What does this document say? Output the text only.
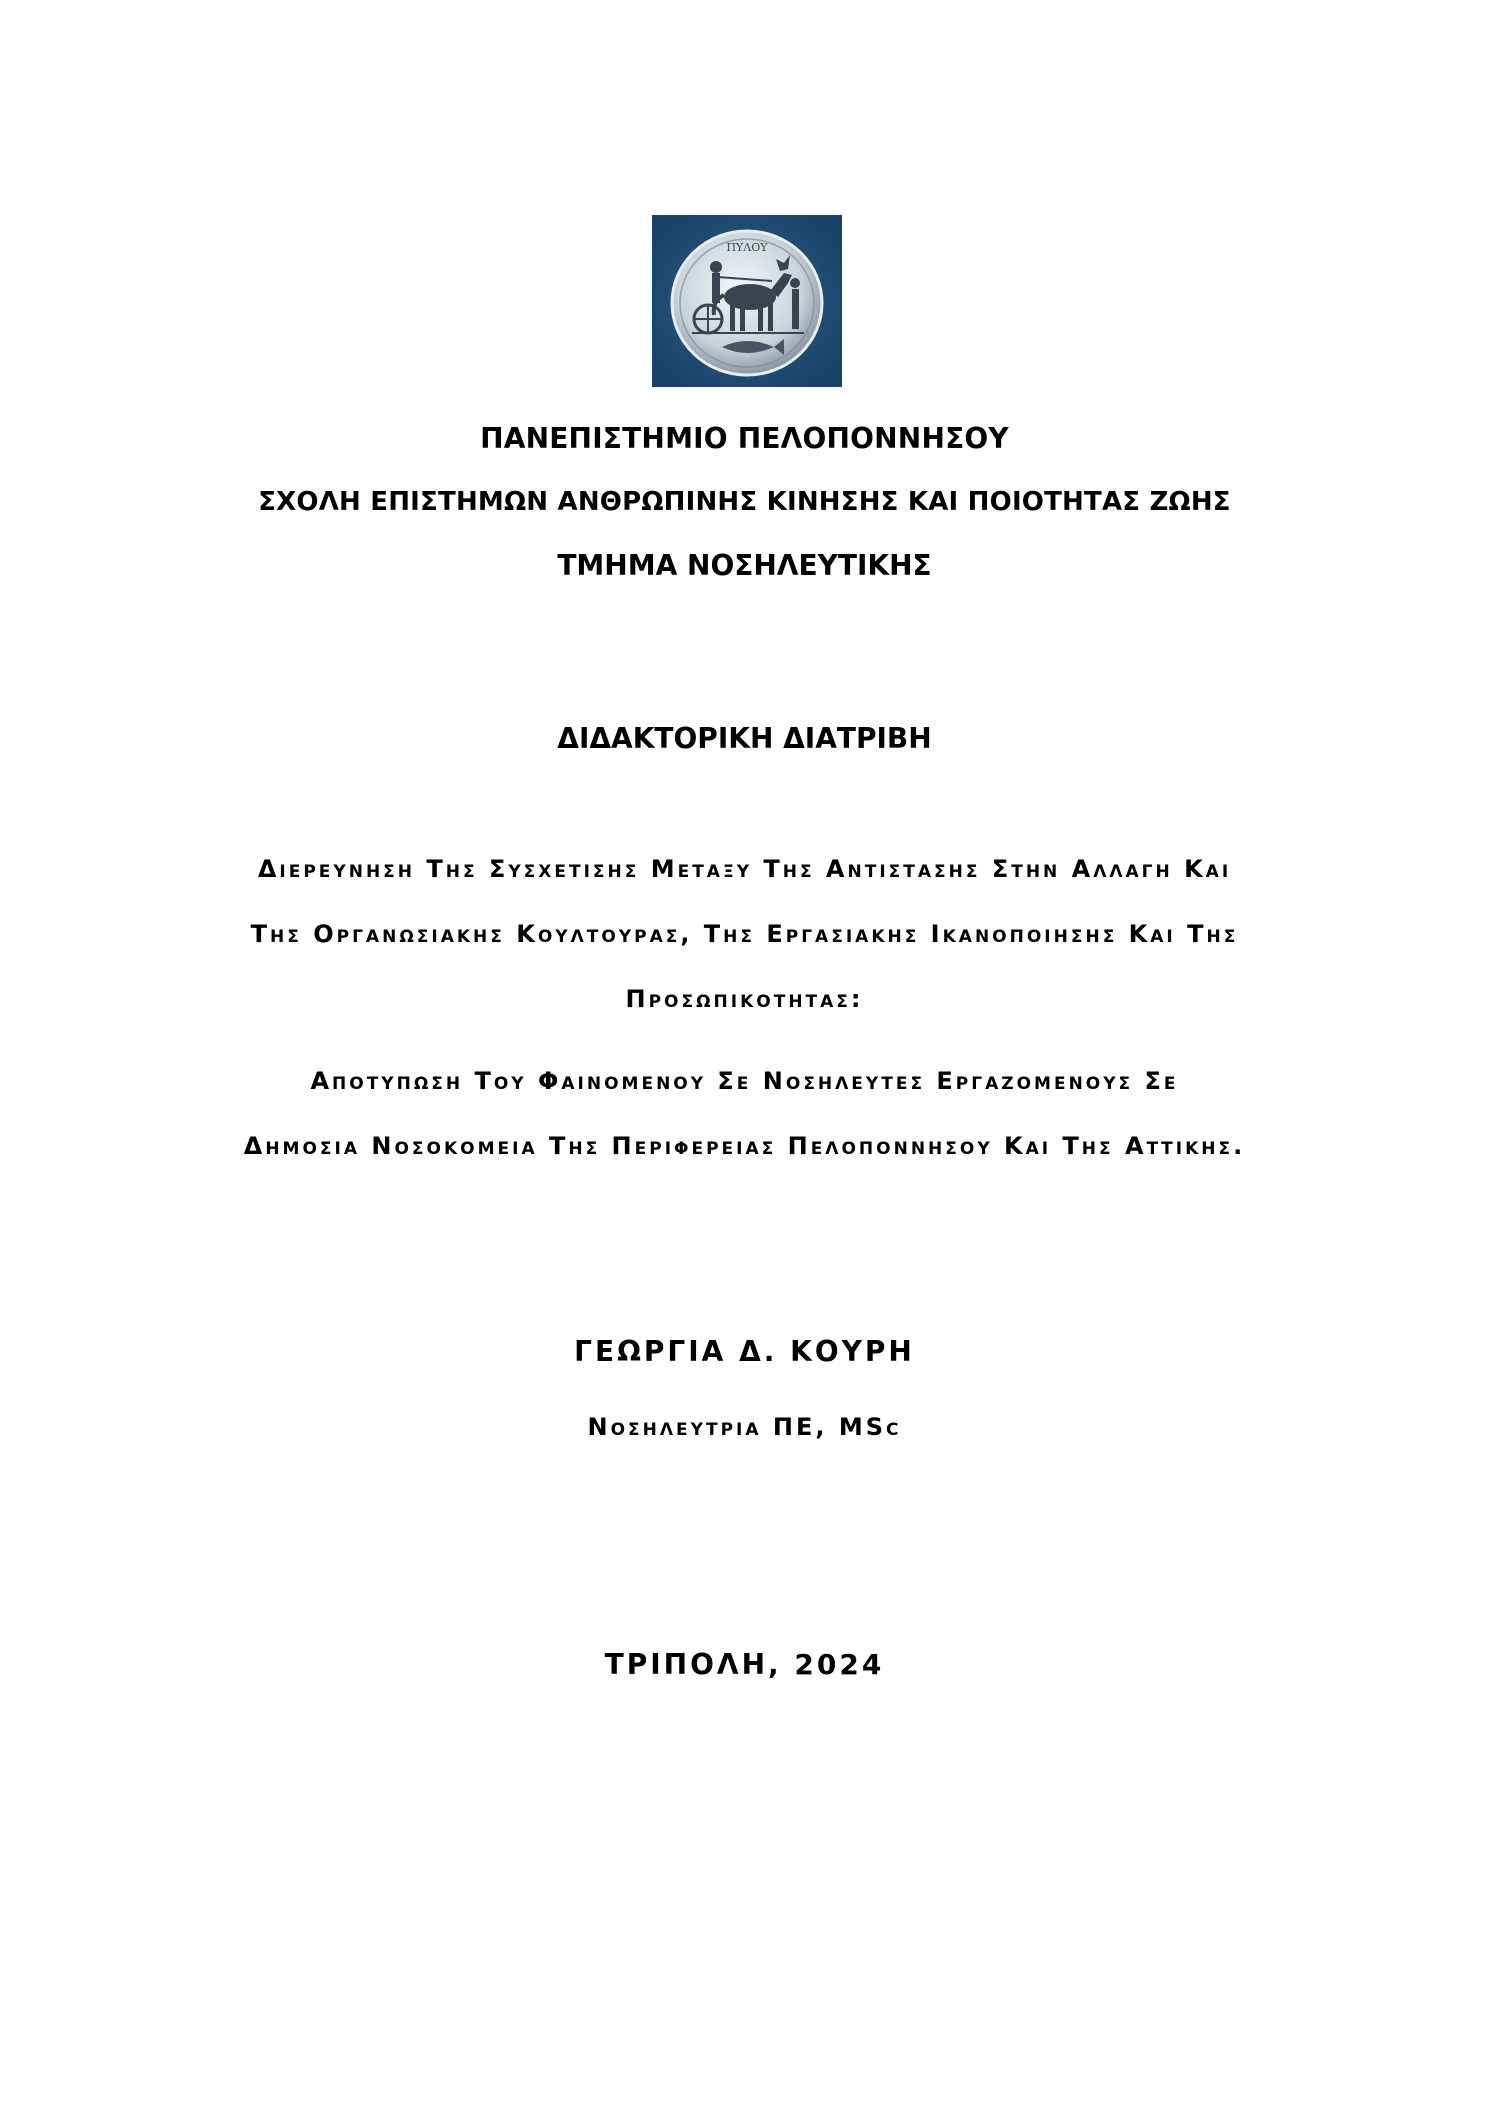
ΠΥΛΟΥ
ΠΑΝΕΠΙΣΤΗΜΙΟ ΠΕΛΟΠΟΝΝΗΣΟΥ
ΣΧΟΛΗ ΕΠΙΣΤΗΜΩΝ ΑΝΘΡΩΠΙΝΗΣ ΚΙΝΗΣΗΣ ΚΑΙ ΠΟΙΟΤΗΤΑΣ ΖΩΗΣ
ΤΜΗΜΑ ΝΟΣΗΛΕΥΤΙΚΗΣ
ΔΙΔΑΚΤΟΡΙΚΗ ΔΙΑΤΡΙΒΗ
Διερευνηση Της Συσχετισης Μεταξυ Της Αντιστασης Στην Αλλαγη Και
Της Οργανωσιακης Κουλτουρας, Της Εργασιακης Ικανοποιησης Και Της
Προσωπικοτητας:
Αποτυπωση Του Φαινομενου Σε Νοσηλευτες Εργαζομενους Σε
Δημοσια Νοσοκομεια Της Περιφερειας Πελοποννησου Και Της Αττικης.
ΓΕΩΡΓΙΑ Δ. ΚΟΥΡΗ
Νοσηλευτρια ΠΕ, MSc
ΤΡΙΠΟΛΗ, 2024
